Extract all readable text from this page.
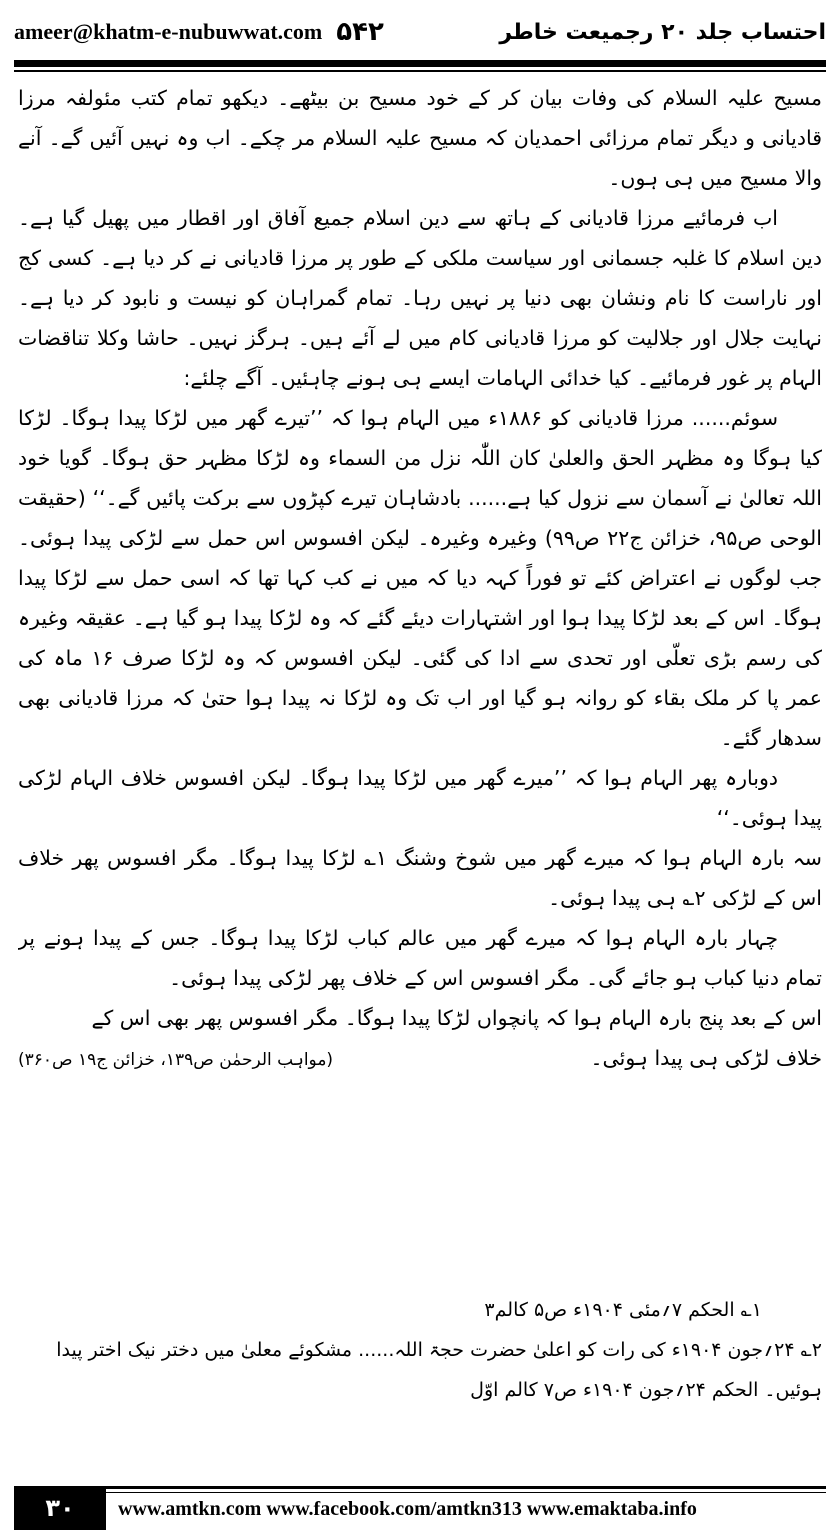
ameer@khatm-e-nubuwwat.com ۵۴۲	احتساب جلد ۲۰ رجمیعت خاطر

مسیح علیہ السلام کی وفات بیان کر کے خود مسیح بن بیٹھے۔ دیکھو تمام کتب مئولفہ مرزا قادیانی و دیگر تمام مرزائی احمدیان کہ مسیح علیہ السلام مر چکے۔ اب وہ نہیں آئیں گے۔ آنے والا مسیح میں ہی ہوں۔

اب فرمائیے مرزا قادیانی کے ہاتھ سے دین اسلام جمیع آفاق اور اقطار میں پھیل گیا ہے۔ دین اسلام کا غلبہ جسمانی اور سیاست ملکی کے طور پر مرزا قادیانی نے کر دیا ہے۔ کسی کج اور ناراست کا نام ونشان بھی دنیا پر نہیں رہا۔ تمام گمراہان کو نیست و نابود کر دیا ہے۔ نہایت جلال اور جلالیت کو مرزا قادیانی کام میں لے آئے ہیں۔ ہرگز نہیں۔ حاشا وکلا تناقضات الہام پر غور فرمائیے۔ کیا خدائی الہامات ایسے ہی ہونے چاہئیں۔ آگے چلئے:

سوئم...... مرزا قادیانی کو ۱۸۸۶ء میں الہام ہوا کہ ’’تیرے گھر میں لڑکا پیدا ہوگا۔ لڑکا کیا ہوگا وہ مظہر الحق والعلیٰ کان اللّٰہ نزل من السماء وہ لڑکا مظہر حق ہوگا۔ گویا خود اللہ تعالیٰ نے آسمان سے نزول کیا ہے...... بادشاہان تیرے کپڑوں سے برکت پائیں گے۔‘‘ (حقیقت الوحی ص۹۵، خزائن ج۲۲ ص۹۹) وغیرہ وغیرہ۔ لیکن افسوس اس حمل سے لڑکی پیدا ہوئی۔ جب لوگوں نے اعتراض کئے تو فوراً کہہ دیا کہ میں نے کب کہا تھا کہ اسی حمل سے لڑکا پیدا ہوگا۔ اس کے بعد لڑکا پیدا ہوا اور اشتہارات دیئے گئے کہ وہ لڑکا پیدا ہو گیا ہے۔ عقیقہ وغیرہ کی رسم بڑی تعلّی اور تحدی سے ادا کی گئی۔ لیکن افسوس کہ وہ لڑکا صرف ۱۶ ماہ کی عمر پا کر ملک بقاء کو روانہ ہو گیا اور اب تک وہ لڑکا نہ پیدا ہوا حتیٰ کہ مرزا قادیانی بھی سدھار گئے۔

دوبارہ پھر الہام ہوا کہ ’’میرے گھر میں لڑکا پیدا ہوگا۔ لیکن افسوس خلاف الہام لڑکی پیدا ہوئی۔‘‘

سہ بارہ الہام ہوا کہ میرے گھر میں شوخ وشنگ ۱؎ لڑکا پیدا ہوگا۔ مگر افسوس پھر خلاف اس کے لڑکی ۲؎ ہی پیدا ہوئی۔

چہار بارہ الہام ہوا کہ میرے گھر میں عالم کباب لڑکا پیدا ہوگا۔ جس کے پیدا ہونے پر تمام دنیا کباب ہو جائے گی۔ مگر افسوس اس کے خلاف پھر لڑکی پیدا ہوئی۔

اس کے بعد پنج بارہ الہام ہوا کہ پانچواں لڑکا پیدا ہوگا۔ مگر افسوس پھر بھی اس کے

خلاف لڑکی ہی پیدا ہوئی۔
(مواہب الرحمٰن ص۱۳۹، خزائن ج۱۹ ص۳۶۰)

۱؎ الحکم ۷؍مئی ۱۹۰۴ء ص۵ کالم۳

۲؎ ۲۴؍جون ۱۹۰۴ء کی رات کو اعلیٰ حضرت حجۃ اللہ...... مشکوئے معلیٰ میں دختر نیک اختر پیدا ہوئیں۔ الحکم ۲۴؍جون ۱۹۰۴ء ص۷ کالم اوّل

۳۰	www.amtkn.com www.facebook.com/amtkn313 www.emaktaba.info
